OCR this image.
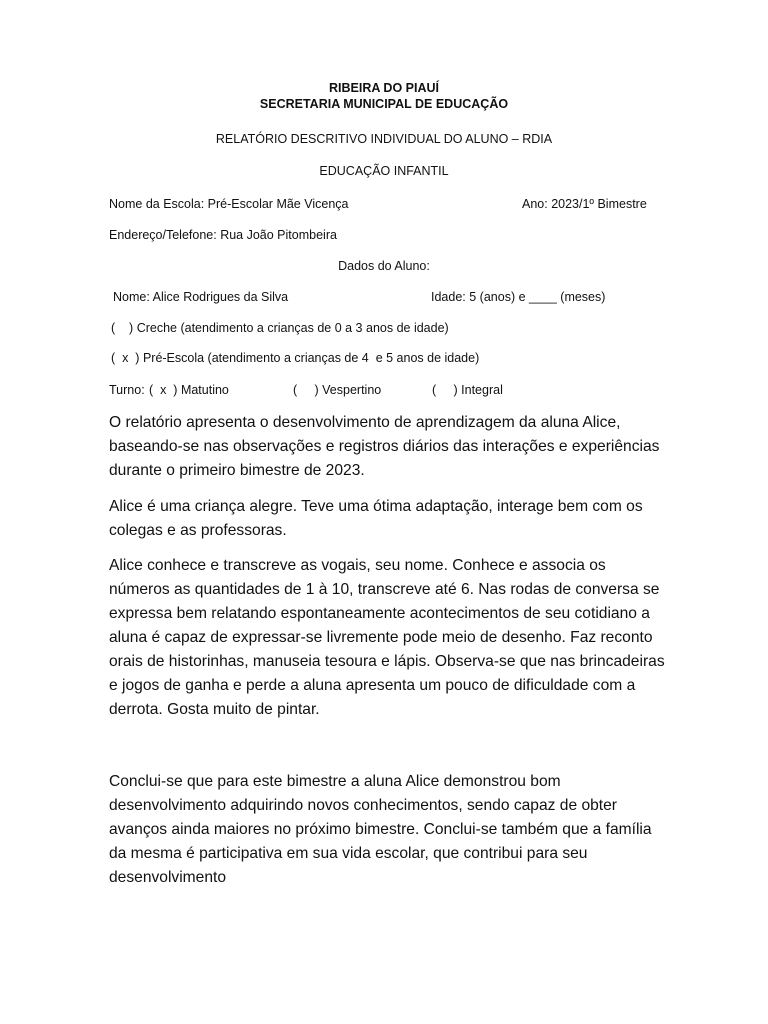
RIBEIRA DO PIAUÍ
SECRETARIA MUNICIPAL DE EDUCAÇÃO
RELATÓRIO DESCRITIVO INDIVIDUAL DO ALUNO – RDIA
EDUCAÇÃO INFANTIL
Nome da Escola: Pré-Escolar Mãe Vicença	Ano: 2023/1º Bimestre
Endereço/Telefone: Rua João Pitombeira
Dados do Aluno:
Nome: Alice Rodrigues da Silva	Idade: 5 (anos) e ____ (meses)
(    ) Creche (atendimento a crianças de 0 a 3 anos de idade)
(  x  ) Pré-Escola (atendimento a crianças de 4  e 5 anos de idade)
Turno: (  x  ) Matutino	(     ) Vespertino	(     ) Integral

O relatório apresenta o desenvolvimento de aprendizagem da aluna Alice, baseando-se nas observações e registros diários das interações e experiências durante o primeiro bimestre de 2023.

Alice é uma criança alegre. Teve uma ótima adaptação, interage bem com os colegas e as professoras.

Alice conhece e transcreve as vogais, seu nome. Conhece e associa os números as quantidades de 1 à 10, transcreve até 6. Nas rodas de conversa se expressa bem relatando espontaneamente acontecimentos de seu cotidiano a aluna é capaz de expressar-se livremente pode meio de desenho. Faz reconto orais de historinhas, manuseia tesoura e lápis. Observa-se que nas brincadeiras e jogos de ganha e perde a aluna apresenta um pouco de dificuldade com a derrota. Gosta muito de pintar.

Conclui-se que para este bimestre a aluna Alice demonstrou bom desenvolvimento adquirindo novos conhecimentos, sendo capaz de obter avanços ainda maiores no próximo bimestre. Conclui-se também que a família da mesma é participativa em sua vida escolar, que contribui para seu desenvolvimento
